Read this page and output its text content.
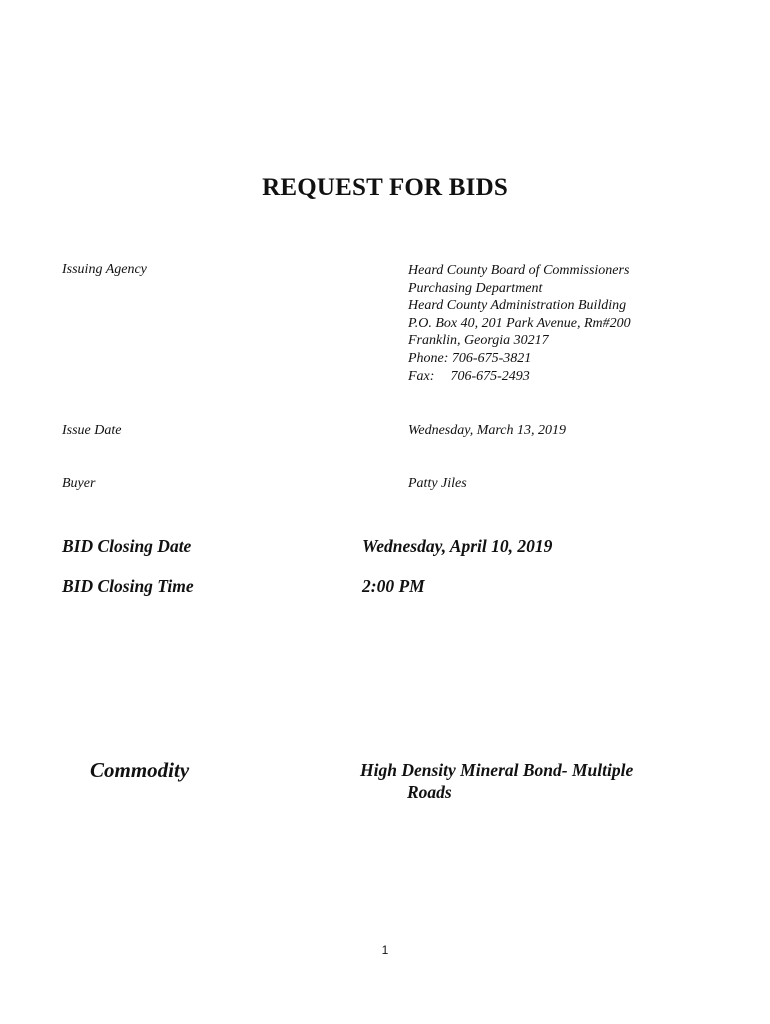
REQUEST FOR BIDS
Issuing Agency	Heard County Board of Commissioners
Purchasing Department
Heard County Administration Building
P.O. Box 40, 201 Park Avenue, Rm#200
Franklin, Georgia 30217
Phone: 706-675-3821
Fax: 706-675-2493
Issue Date	Wednesday, March 13, 2019
Buyer	Patty Jiles
BID Closing Date	Wednesday, April 10, 2019
BID Closing Time	2:00 PM
Commodity	High Density Mineral Bond- Multiple
Roads
1
